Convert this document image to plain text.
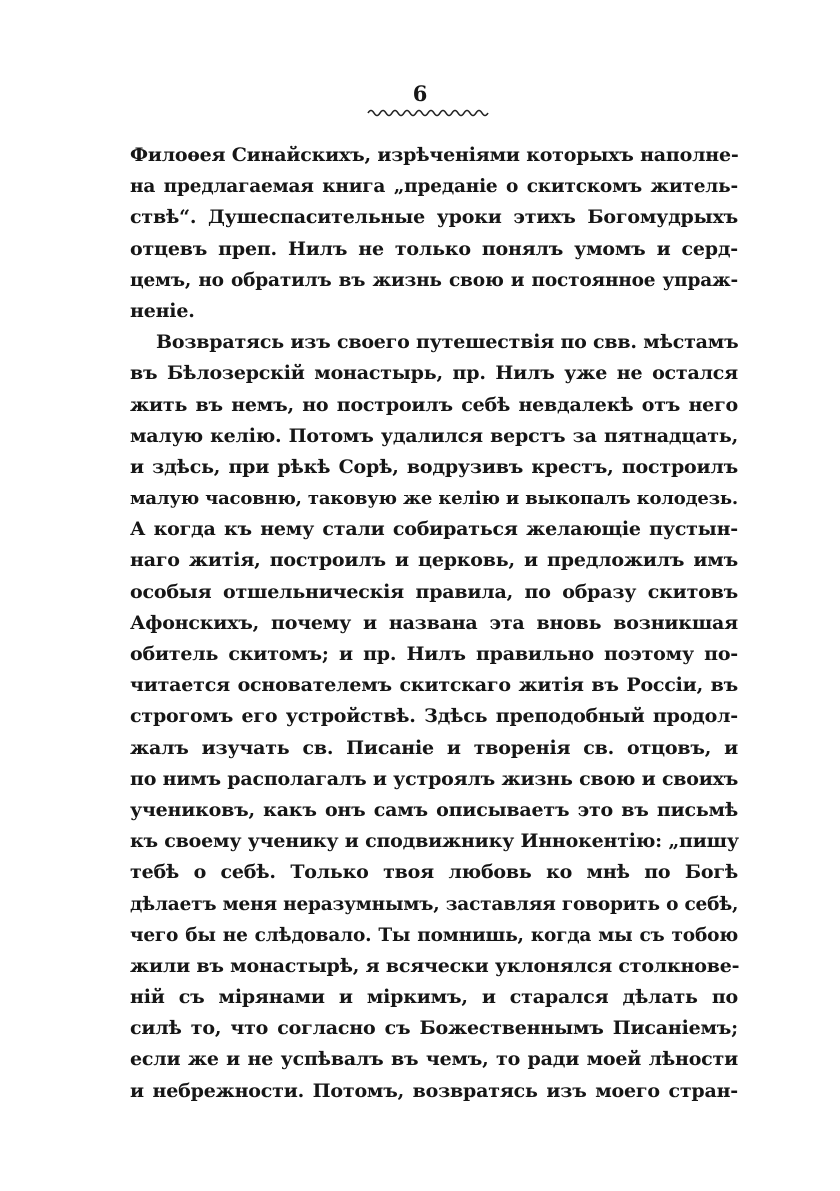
6
Филоѳея Синайскихъ, изрѣченіями которыхъ наполне-
на предлагаемая книга „преданіе о скитскомъ житель-
ствѣ“. Душеспасительные уроки этихъ Богомудрыхъ
отцевъ преп. Нилъ не только понялъ умомъ и серд-
цемъ, но обратилъ въ жизнь свою и постоянное упраж-
неніе.
Возвратясь изъ своего путешествія по свв. мѣстамъ
въ Бѣлозерскій монастырь, пр. Нилъ уже не остался
жить въ немъ, но построилъ себѣ невдалекѣ отъ него
малую келію. Потомъ удалился верстъ за пятнадцать,
и здѣсь, при рѣкѣ Сорѣ, водрузивъ крестъ, построилъ
малую часовню, таковую же келію и выкопалъ колодезь.
А когда къ нему стали собираться желающіе пустын-
наго житія, построилъ и церковь, и предложилъ имъ
особыя отшельническія правила, по образу скитовъ
Афонскихъ, почему и названа эта вновь возникшая
обитель скитомъ; и пр. Нилъ правильно поэтому по-
читается основателемъ скитскаго житія въ Россіи, въ
строгомъ его устройствѣ. Здѣсь преподобный продол-
жалъ изучать св. Писаніе и творенія св. отцовъ, и
по нимъ располагалъ и устроялъ жизнь свою и своихъ
учениковъ, какъ онъ самъ описываетъ это въ письмѣ
къ своему ученику и сподвижнику Иннокентію: „пишу
тебѣ о себѣ. Только твоя любовь ко мнѣ по Богѣ
дѣлаетъ меня неразумнымъ, заставляя говорить о себѣ,
чего бы не слѣдовало. Ты помнишь, когда мы съ тобою
жили въ монастырѣ, я всячески уклонялся столкнове-
ній съ мірянами и міркимъ, и старался дѣлать по
силѣ то, что согласно съ Божественнымъ Писаніемъ;
если же и не успѣвалъ въ чемъ, то ради моей лѣности
и небрежности. Потомъ, возвратясь изъ моего стран-
